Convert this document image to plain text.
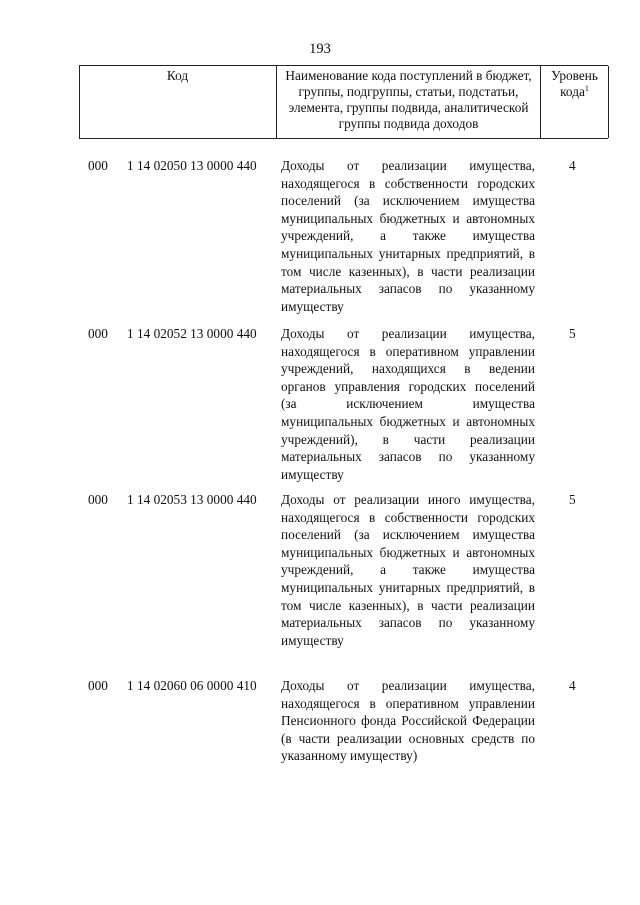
193
Код	Наименование кода поступлений в бюджет, группы, подгруппы, статьи, подстатьи, элемента, группы подвида, аналитической группы подвида доходов
Уровень кода$^1$
000 1 14 02050 13 0000 440 Доходы от реализации имущества, находящегося в собственности городских поселений (за исключением имущества муниципальных бюджетных и автономных учреждений, а также имущества муниципальных унитарных предприятий, в том числе казенных), в части реализации материальных запасов по указанному имуществу
4
000 1 14 02052 13 0000 440 Доходы от реализации имущества, находящегося в оперативном управлении учреждений, находящихся в ведении органов управления городских поселений (за исключением имущества муниципальных бюджетных и автономных учреждений), в части реализации материальных запасов по указанному имуществу
5
000 1 14 02053 13 0000 440 Доходы от реализации иного имущества, находящегося в собственности городских поселений (за исключением имущества муниципальных бюджетных и автономных учреждений, а также имущества муниципальных унитарных предприятий, в том числе казенных), в части реализации материальных запасов по указанному имуществу
5
000 1 14 02060 06 0000 410 Доходы от реализации имущества, находящегося в оперативном управлении Пенсионного фонда Российской Федерации (в части реализации основных средств по указанному имуществу)
4
